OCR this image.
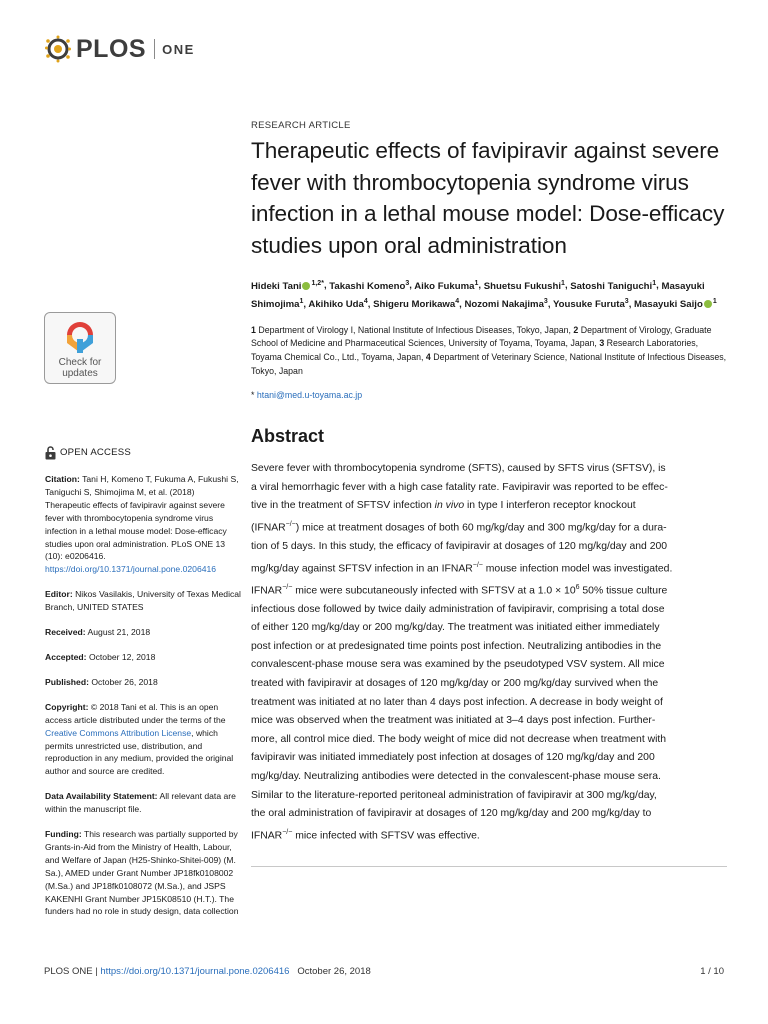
PLOS ONE
Check for
updates
OPEN ACCESS
Citation: Tani H, Komeno T, Fukuma A, Fukushi S, Taniguchi S, Shimojima M, et al. (2018) Therapeutic effects of favipiravir against severe fever with thrombocytopenia syndrome virus infection in a lethal mouse model: Dose-efficacy studies upon oral administration. PLoS ONE 13 (10): e0206416. https://doi.org/10.1371/journal.pone.0206416
Editor: Nikos Vasilakis, University of Texas Medical Branch, UNITED STATES
Received: August 21, 2018
Accepted: October 12, 2018
Published: October 26, 2018
Copyright: © 2018 Tani et al. This is an open access article distributed under the terms of the Creative Commons Attribution License, which permits unrestricted use, distribution, and reproduction in any medium, provided the original author and source are credited.
Data Availability Statement: All relevant data are within the manuscript file.
Funding: This research was partially supported by Grants-in-Aid from the Ministry of Health, Labour, and Welfare of Japan (H25-Shinko-Shitei-009) (M. Sa.), AMED under Grant Number JP18fk0108002 (M.Sa.) and JP18fk0108072 (M.Sa.), and JSPS KAKENHI Grant Number JP15K08510 (H.T.). The funders had no role in study design, data collection
RESEARCH ARTICLE
Therapeutic effects of favipiravir against severe fever with thrombocytopenia syndrome virus infection in a lethal mouse model: Dose-efficacy studies upon oral administration
Hideki Tani $^{1,2*}$, Takashi Komeno$^3$, Aiko Fukuma$^1$, Shuetsu Fukushi$^1$, Satoshi Taniguchi$^1$, Masayuki Shimojima$^1$, Akihiko Uda$^4$, Shigeru Morikawa$^4$, Nozomi Nakajima$^3$, Yousuke Furuta$^3$, Masayuki Saijo $^1$
1 Department of Virology I, National Institute of Infectious Diseases, Tokyo, Japan, 2 Department of Virology, Graduate School of Medicine and Pharmaceutical Sciences, University of Toyama, Toyama, Japan, 3 Research Laboratories, Toyama Chemical Co., Ltd., Toyama, Japan, 4 Department of Veterinary Science, National Institute of Infectious Diseases, Tokyo, Japan
* htani@med.u-toyama.ac.jp
Abstract
Severe fever with thrombocytopenia syndrome (SFTS), caused by SFTS virus (SFTSV), is
a viral hemorrhagic fever with a high case fatality rate. Favipiravir was reported to be effec-
tive in the treatment of SFTSV infection in vivo in type I interferon receptor knockout
(IFNAR−/−) mice at treatment dosages of both 60 mg/kg/day and 300 mg/kg/day for a dura-
tion of 5 days. In this study, the efficacy of favipiravir at dosages of 120 mg/kg/day and 200
mg/kg/day against SFTSV infection in an IFNAR−/− mouse infection model was investigated.
IFNAR−/− mice were subcutaneously infected with SFTSV at a $1.0 \times 10^6$ 50% tissue culture
infectious dose followed by twice daily administration of favipiravir, comprising a total dose
of either 120 mg/kg/day or 200 mg/kg/day. The treatment was initiated either immediately
post infection or at predesignated time points post infection. Neutralizing antibodies in the
convalescent-phase mouse sera was examined by the pseudotyped VSV system. All mice
treated with favipiravir at dosages of 120 mg/kg/day or 200 mg/kg/day survived when the
treatment was initiated at no later than 4 days post infection. A decrease in body weight of
mice was observed when the treatment was initiated at 3–4 days post infection. Further-
more, all control mice died. The body weight of mice did not decrease when treatment with
favipiravir was initiated immediately post infection at dosages of 120 mg/kg/day and 200
mg/kg/day. Neutralizing antibodies were detected in the convalescent-phase mouse sera.
Similar to the literature-reported peritoneal administration of favipiravir at 300 mg/kg/day,
the oral administration of favipiravir at dosages of 120 mg/kg/day and 200 mg/kg/day to
IFNAR−/− mice infected with SFTSV was effective.
PLOS ONE | https://doi.org/10.1371/journal.pone.0206416 October 26, 2018	1 / 10
